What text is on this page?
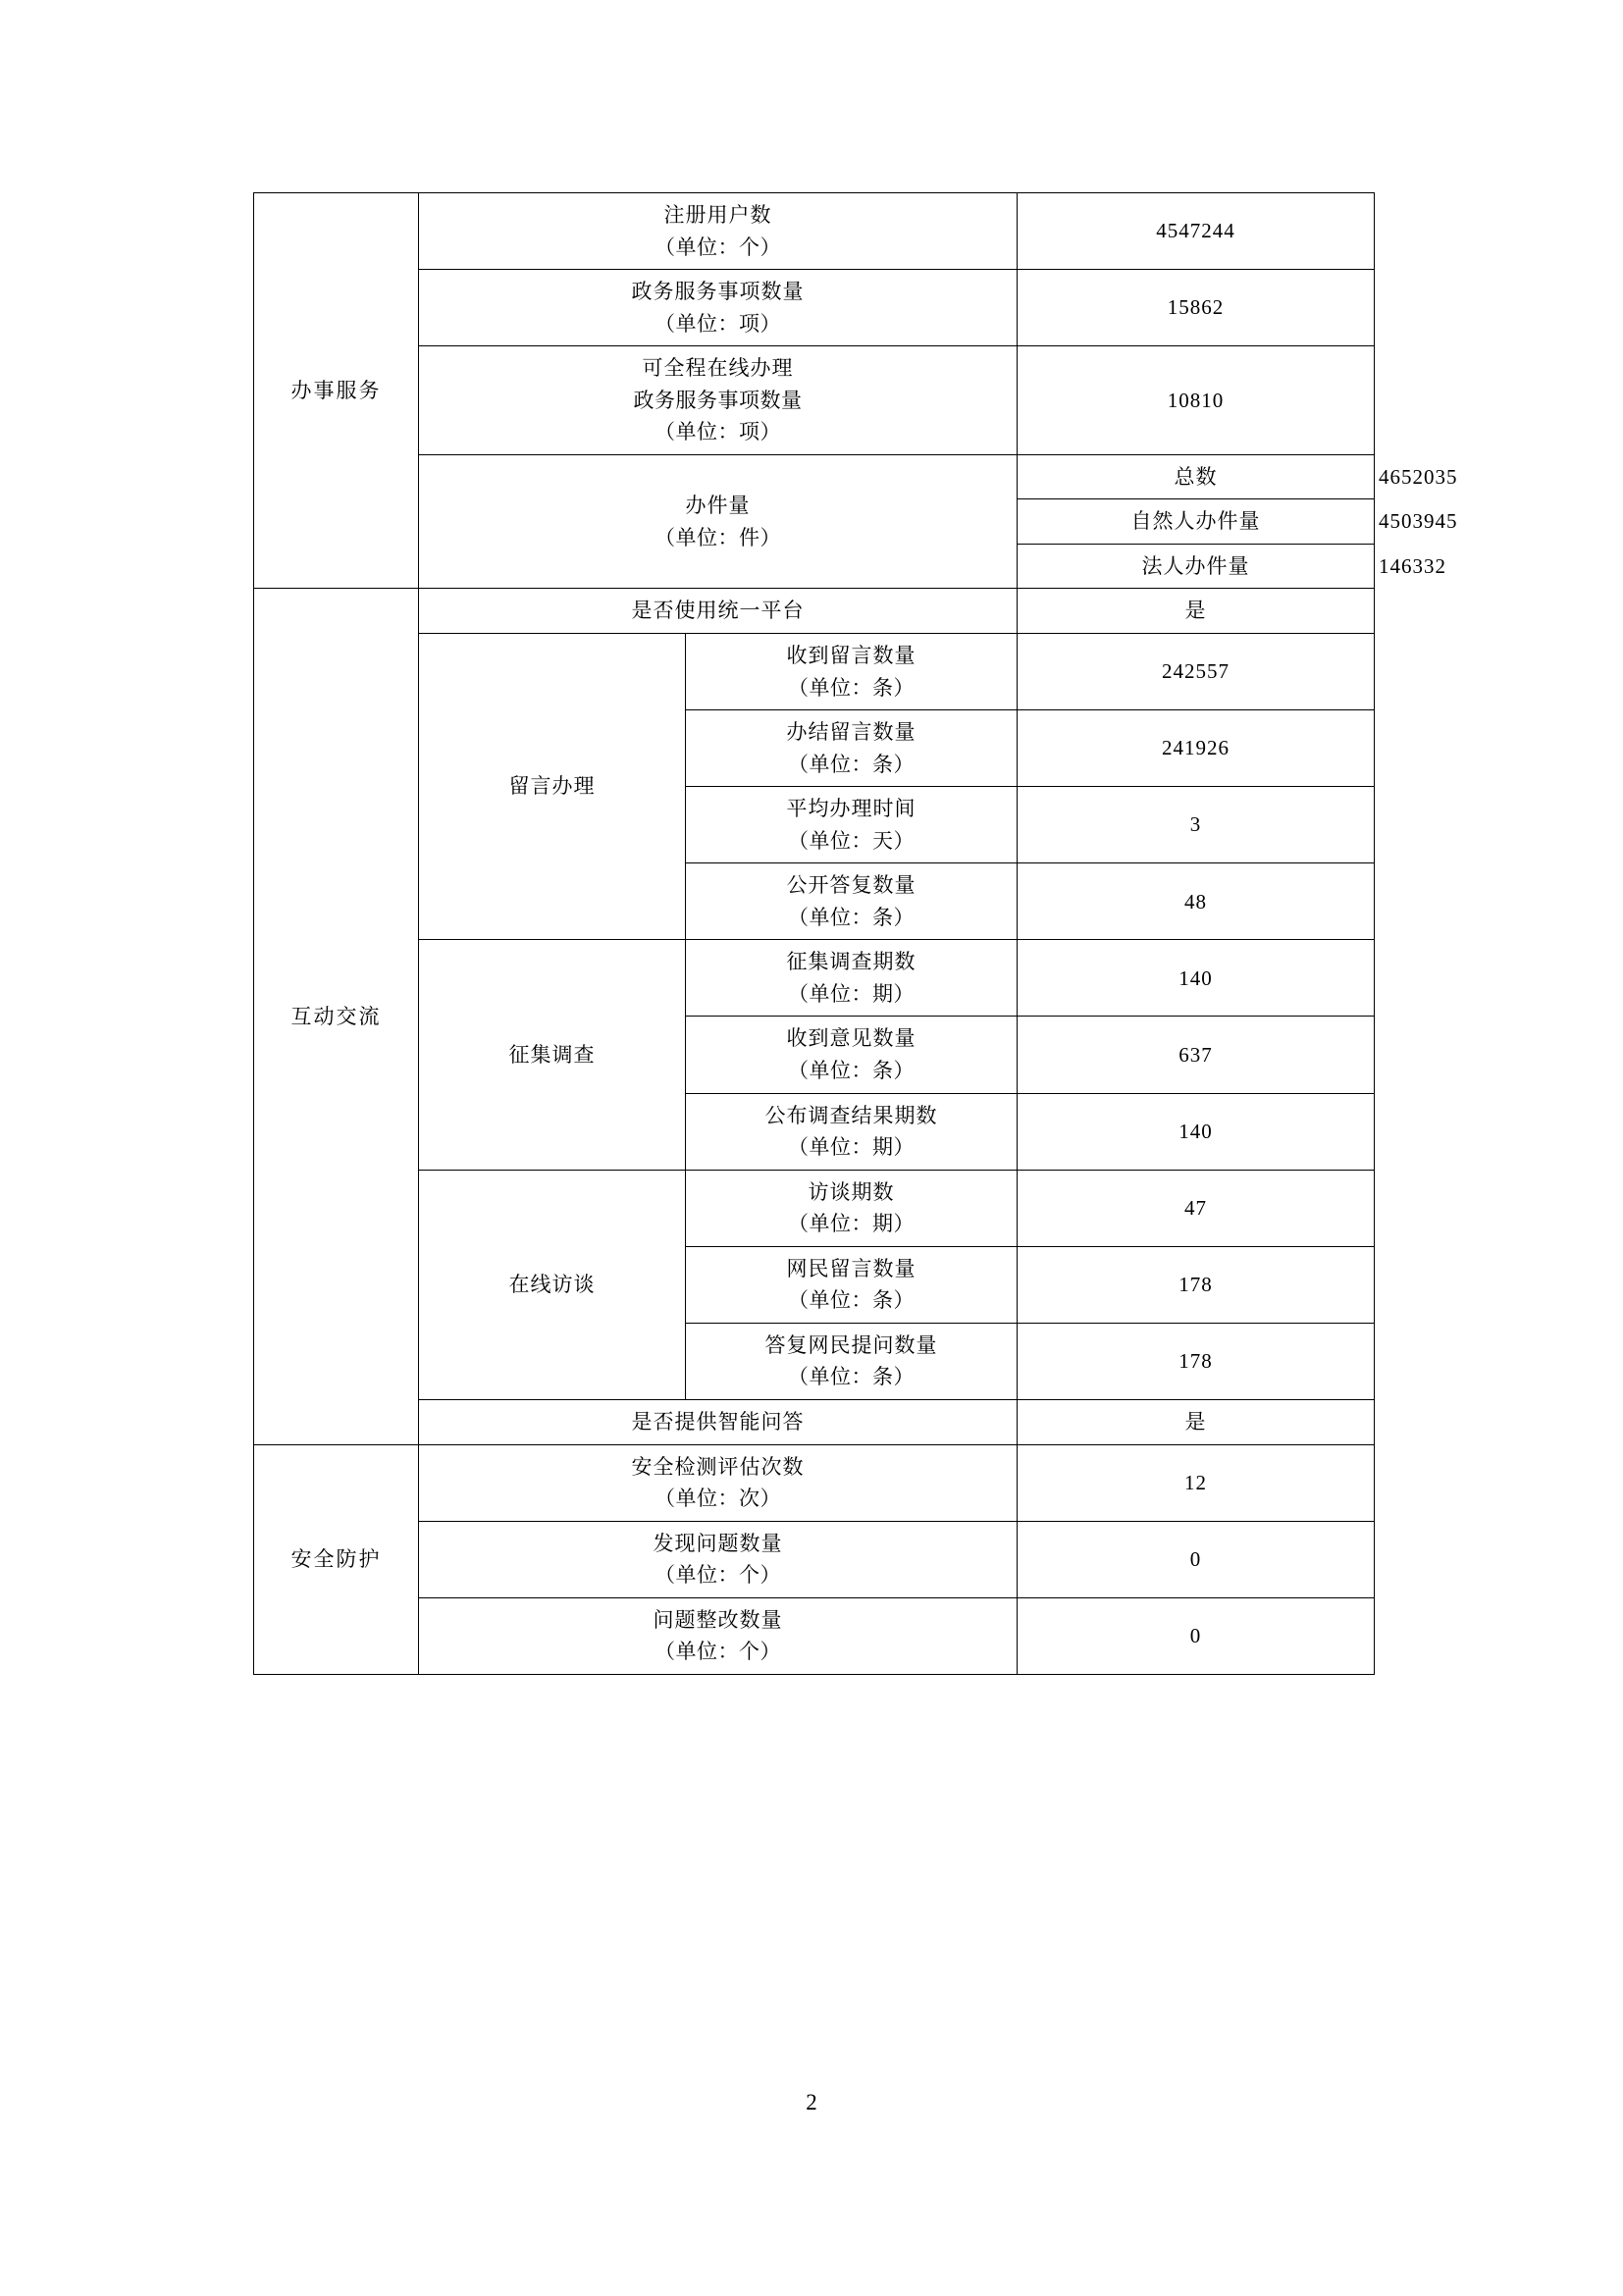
办事服务	注册用户数
（单位：个）		4547244	
	政务服务事项数量
（单位：项）		15862	
	可全程在线办理
政务服务事项数量
（单位：项）		10810	
	办件量
（单位：件）		总数	4652035
			自然人办件量	4503945
			法人办件量	146332
互动交流	是否使用统一平台		是	
	留言办理	收到留言数量
（单位：条）	242557	
		办结留言数量
（单位：条）	241926	
		平均办理时间
（单位：天）	3	
		公开答复数量
（单位：条）	48	
	征集调查	征集调查期数
（单位：期）	140	
		收到意见数量
（单位：条）	637	
		公布调查结果期数
（单位：期）	140	
	在线访谈	访谈期数
（单位：期）	47	
		网民留言数量
（单位：条）	178	
		答复网民提问数量
（单位：条）	178	
	是否提供智能问答		是	
安全防护	安全检测评估次数
（单位：次）		12	
	发现问题数量
（单位：个）		0	
	问题整改数量
（单位：个）		0	
2
